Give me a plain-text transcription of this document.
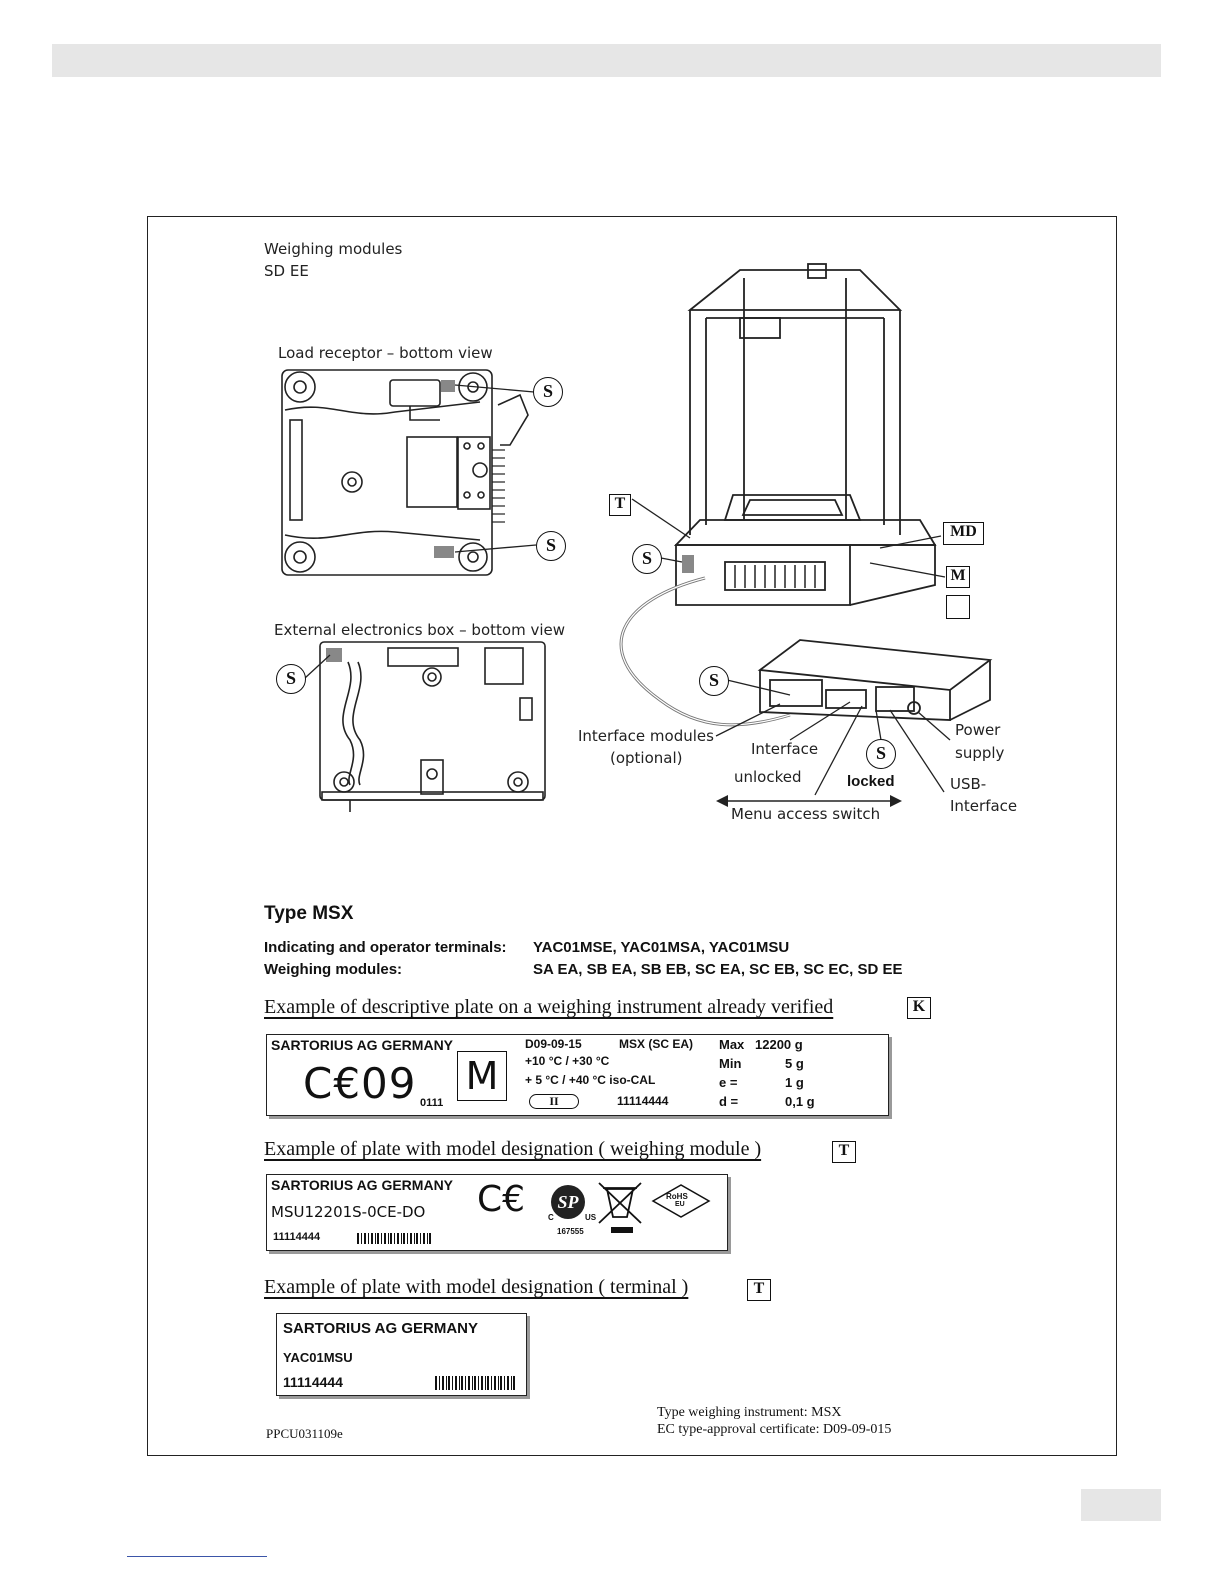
Weighing modules
SD EE
Load receptor – bottom view
External electronics box – bottom view
Interface modules
(optional)	Interface
unlocked	locked
Menu access switch
Power
supply
USB-
Interface
S
S
S
S
S
S
T
MD
M
Type MSX
Indicating and operator terminals: YAC01MSE, YAC01MSA, YAC01MSU
Weighing modules:	SA EA, SB EA, SB EB, SC EA, SC EB, SC EC, SD EE
Example of descriptive plate on a weighing instrument already verified	K
SARTORIUS AG GERMANY
C€09 0111
M
D09-09-15	MSX (SC EA)
+10 °C / +30 °C
+ 5 °C / +40 °C iso-CAL
II	11114444
Max 12200 g
Min	5 g
e =	1 g
d =	0,1 g
Example of plate with model designation ( weighing module )	T
SARTORIUS AG GERMANY
MSU12201S-0CE-DO
11114444
C€	SP
C	US
167555
RoHS
EU
Example of plate with model designation ( terminal )	T
SARTORIUS AG GERMANY
YAC01MSU
11114444
PPCU031109e
Type weighing instrument: MSX
EC type-approval certificate: D09-09-015
